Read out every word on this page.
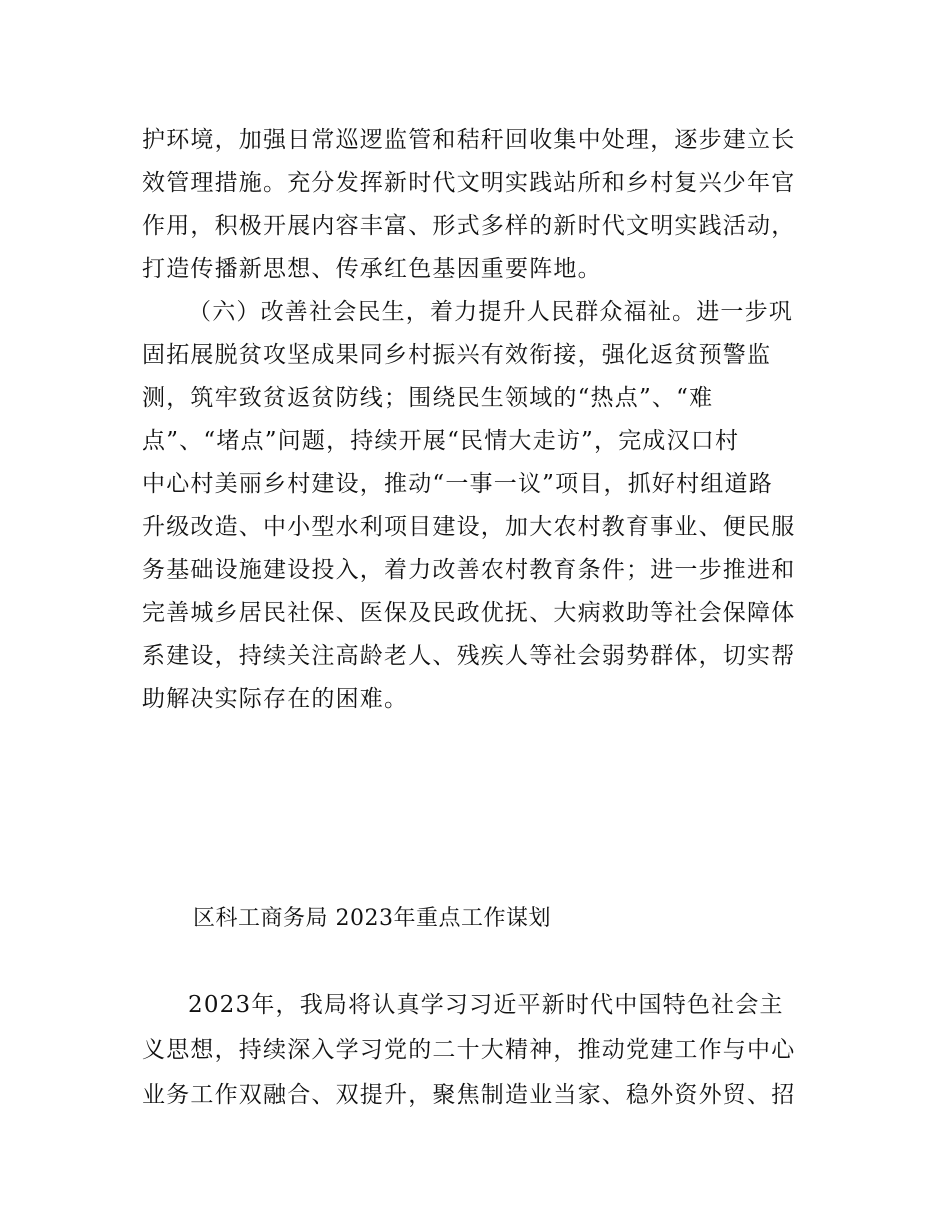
护环境，加强日常巡逻监管和秸秆回收集中处理，逐步建立长
效管理措施。充分发挥新时代文明实践站所和乡村复兴少年官
作用，积极开展内容丰富、形式多样的新时代文明实践活动，
打造传播新思想、传承红色基因重要阵地。
（六）改善社会民生，着力提升人民群众福祉。进一步巩
固拓展脱贫攻坚成果同乡村振兴有效衔接，强化返贫预警监
测，筑牢致贫返贫防线；围绕民生领域的“热点”、“难
点”、“堵点”问题，持续开展“民情大走访”，完成汉口村
中心村美丽乡村建设，推动“一事一议”项目，抓好村组道路
升级改造、中小型水利项目建设，加大农村教育事业、便民服
务基础设施建设投入，着力改善农村教育条件；进一步推进和
完善城乡居民社保、医保及民政优抚、大病救助等社会保障体
系建设，持续关注高龄老人、残疾人等社会弱势群体，切实帮
助解决实际存在的困难。
区科工商务局 2023年重点工作谋划
2023年，我局将认真学习习近平新时代中国特色社会主
义思想，持续深入学习党的二十大精神，推动党建工作与中心
业务工作双融合、双提升，聚焦制造业当家、稳外资外贸、招
